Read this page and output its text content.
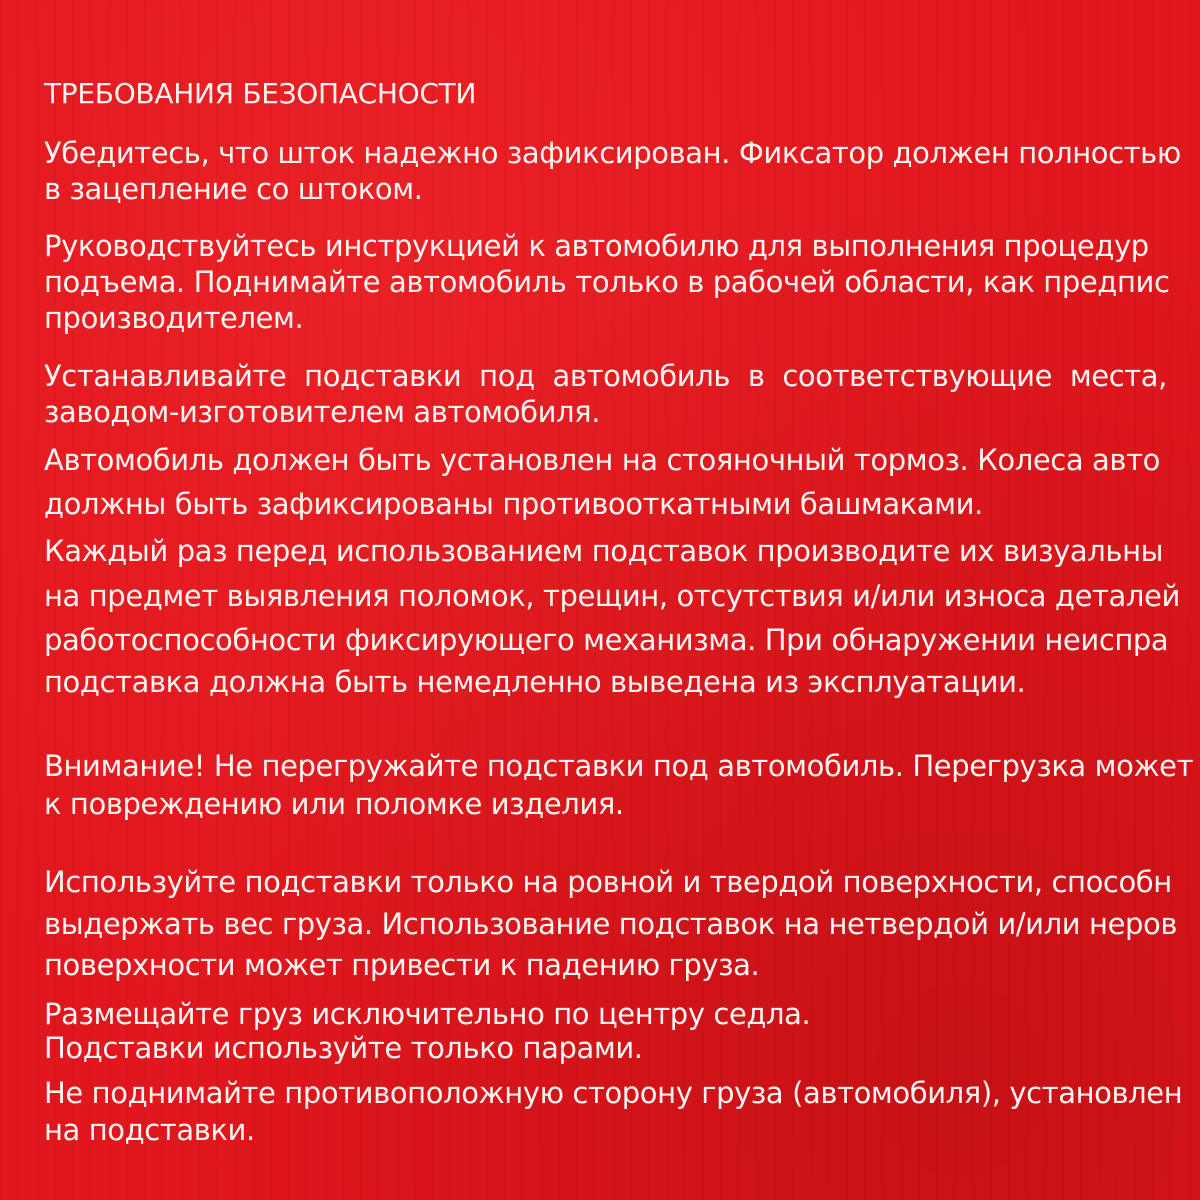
ТРЕБОВАНИЯ БЕЗОПАСНОСТИ

Убедитесь, что шток надежно зафиксирован. Фиксатор должен полностью

в зацепление со штоком.

Руководствуйтесь инструкцией к автомобилю для выполнения процедур

подъема. Поднимайте автомобиль только в рабочей области, как предпис

производителем.

Устанавливайте подставки под автомобиль в соответствующие места,

заводом-изготовителем автомобиля.

Автомобиль должен быть установлен на стояночный тормоз. Колеса авто

должны быть зафиксированы противооткатными башмаками.

Каждый раз перед использованием подставок производите их визуальны

на предмет выявления поломок, трещин, отсутствия и/или износа деталей

работоспособности фиксирующего механизма. При обнаружении неиспра

подставка должна быть немедленно выведена из эксплуатации.

Внимание! Не перегружайте подставки под автомобиль. Перегрузка может

к повреждению или поломке изделия.

Используйте подставки только на ровной и твердой поверхности, способн

выдержать вес груза. Использование подставок на нетвердой и/или неров

поверхности может привести к падению груза.

Размещайте груз исключительно по центру седла.

Подставки используйте только парами.

Не поднимайте противоположную сторону груза (автомобиля), установлен

на подставки.
